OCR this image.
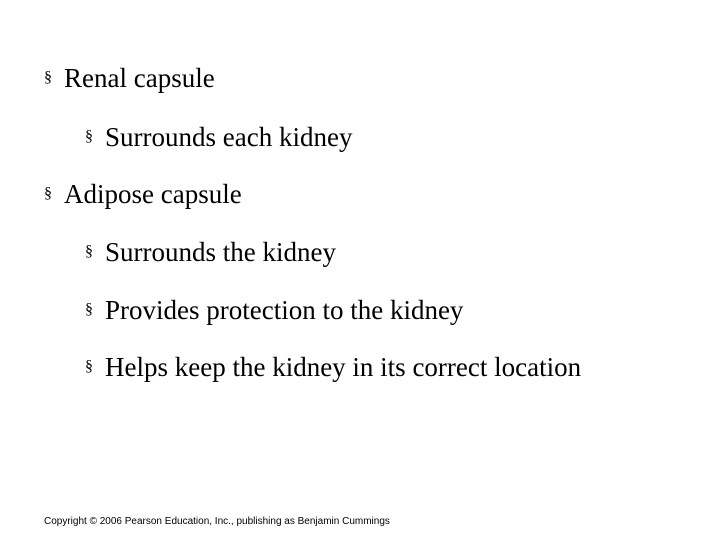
§ Renal capsule
§ Surrounds each kidney
§ Adipose capsule
§ Surrounds the kidney
§ Provides protection to the kidney
§ Helps keep the kidney in its correct location
Copyright © 2006 Pearson Education, Inc., publishing as Benjamin Cummings
